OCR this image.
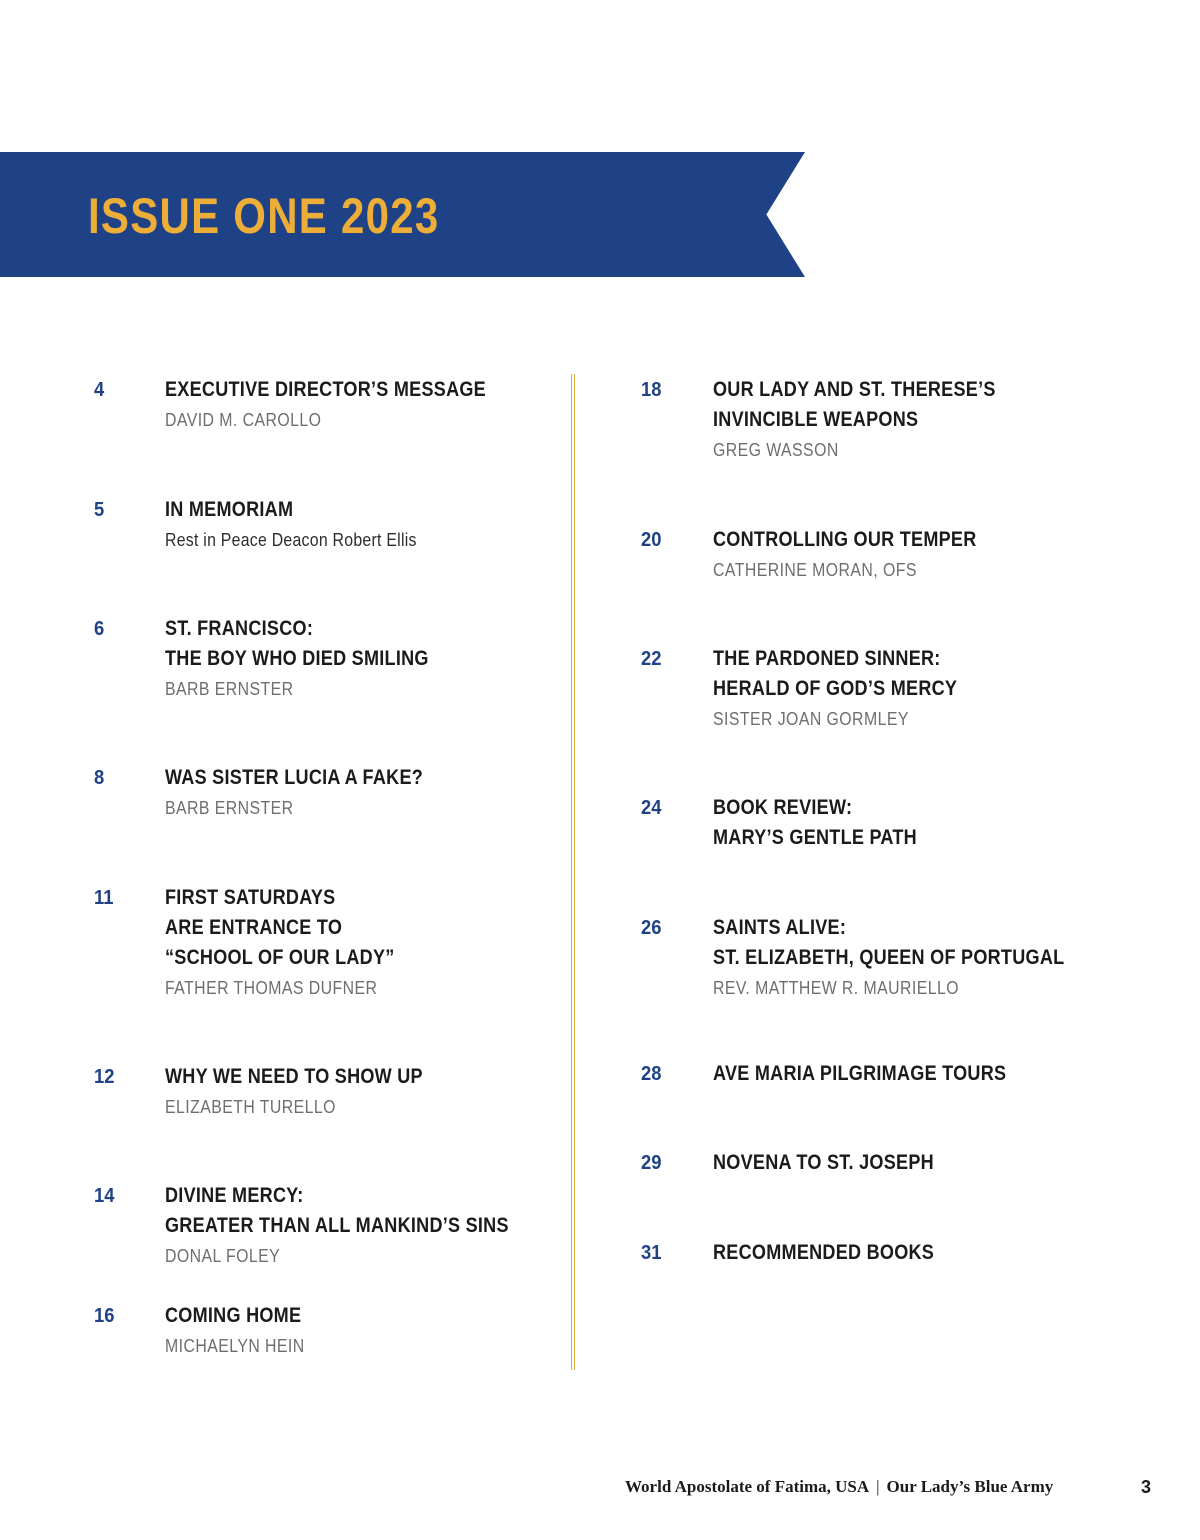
ISSUE ONE 2023
4	EXECUTIVE DIRECTOR’S MESSAGE
DAVID M. CAROLLO
5	IN MEMORIAM
Rest in Peace Deacon Robert Ellis
6	ST. FRANCISCO:
THE BOY WHO DIED SMILING
BARB ERNSTER
8	WAS SISTER LUCIA A FAKE?
BARB ERNSTER
11 FIRST SATURDAYS
ARE ENTRANCE TO
“SCHOOL OF OUR LADY”
FATHER THOMAS DUFNER
12 WHY WE NEED TO SHOW UP
ELIZABETH TURELLO
14 DIVINE MERCY:
GREATER THAN ALL MANKIND’S SINS
DONAL FOLEY
16 COMING HOME
MICHAELYN HEIN
18 OUR LADY AND ST. THERESE’S
INVINCIBLE WEAPONS
GREG WASSON
20 CONTROLLING OUR TEMPER
CATHERINE MORAN, OFS
22 THE PARDONED SINNER:
HERALD OF GOD’S MERCY
SISTER JOAN GORMLEY
24 BOOK REVIEW:
MARY’S GENTLE PATH
26 SAINTS ALIVE:
ST. ELIZABETH, QUEEN OF PORTUGAL
REV. MATTHEW R. MAURIELLO
28 AVE MARIA PILGRIMAGE TOURS
29 NOVENA TO ST. JOSEPH
31 RECOMMENDED BOOKS
World Apostolate of Fatima, USA | Our Lady’s Blue Army	3
